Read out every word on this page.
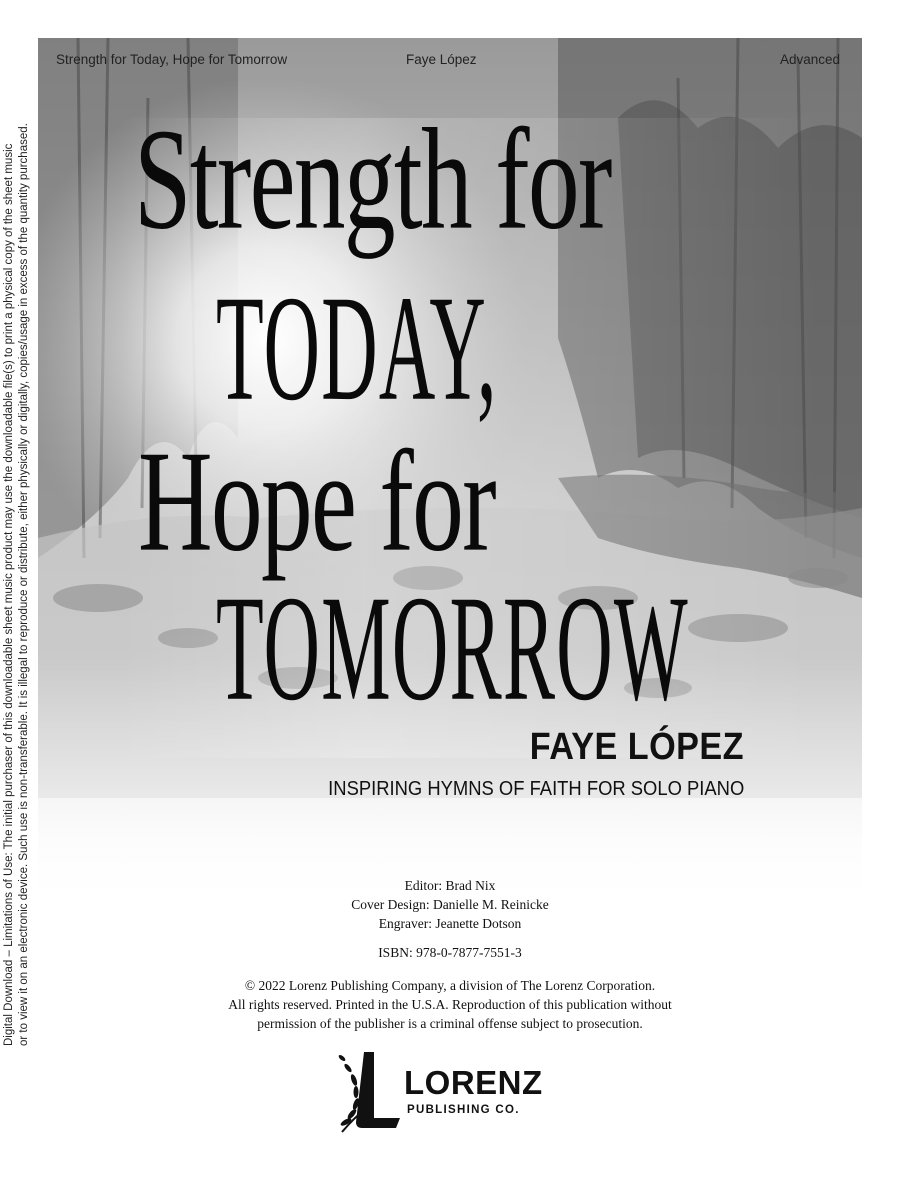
Digital Download – Limitations of Use: The initial purchaser of this downloadable sheet music product may use the downloadable file(s) to print a physical copy of the sheet music or to view it on an electronic device. Such use is non-transferable. It is illegal to reproduce or distribute, either physically or digitally, copies/usage in excess of the quantity purchased.
Strength for Today, Hope for Tomorrow	Faye López	Advanced
Strength for
TODAY,
Hope for
TOMORROW
FAYE LÓPEZ
INSPIRING HYMNS OF FAITH FOR SOLO PIANO
Editor: Brad Nix
Cover Design: Danielle M. Reinicke
Engraver: Jeanette Dotson
ISBN: 978-0-7877-7551-3
© 2022 Lorenz Publishing Company, a division of The Lorenz Corporation.
All rights reserved. Printed in the U.S.A. Reproduction of this publication without
permission of the publisher is a criminal offense subject to prosecution.
LORENZ
PUBLISHING CO.
